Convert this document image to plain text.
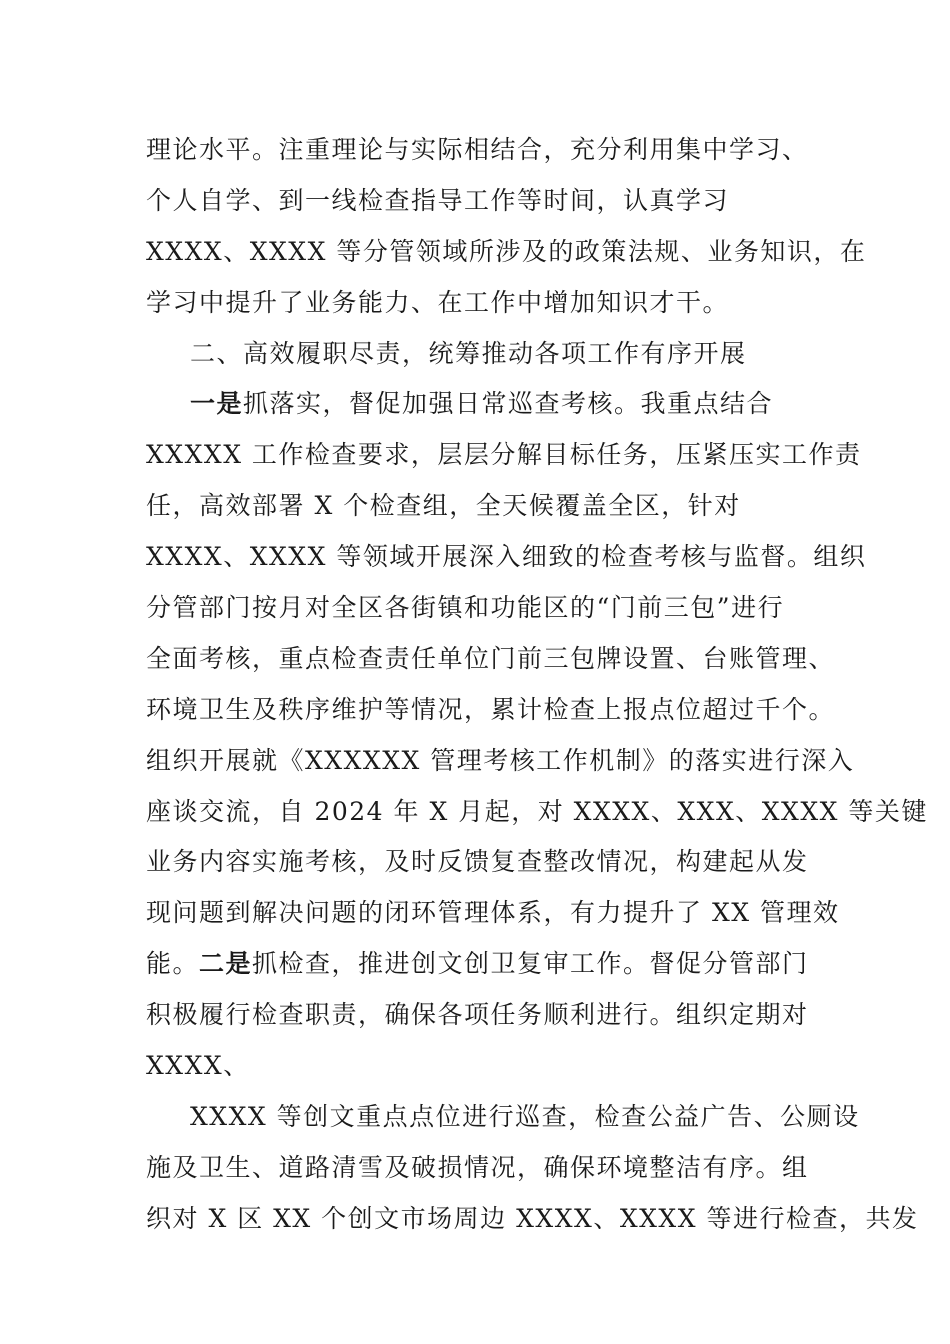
理论水平。注重理论与实际相结合，充分利用集中学习、
个人自学、到一线检查指导工作等时间，认真学习
XXXX、XXXX 等分管领域所涉及的政策法规、业务知识，在
学习中提升了业务能力、在工作中增加知识才干。
二、高效履职尽责，统筹推动各项工作有序开展
一是抓落实，督促加强日常巡查考核。我重点结合
XXXXX 工作检查要求，层层分解目标任务，压紧压实工作责
任，高效部署 X 个检查组，全天候覆盖全区，针对
XXXX、XXXX 等领域开展深入细致的检查考核与监督。组织
分管部门按月对全区各街镇和功能区的“门前三包”进行
全面考核，重点检查责任单位门前三包牌设置、台账管理、
环境卫生及秩序维护等情况，累计检查上报点位超过千个。
组织开展就《XXXXXX 管理考核工作机制》的落实进行深入
座谈交流，自 2024 年 X 月起，对 XXXX、XXX、XXXX 等关键
业务内容实施考核，及时反馈复查整改情况，构建起从发
现问题到解决问题的闭环管理体系，有力提升了 XX 管理效
能。二是抓检查，推进创文创卫复审工作。督促分管部门
积极履行检查职责，确保各项任务顺利进行。组织定期对
XXXX、
XXXX 等创文重点点位进行巡查，检查公益广告、公厕设
施及卫生、道路清雪及破损情况，确保环境整洁有序。组
织对 X 区 XX 个创文市场周边 XXXX、XXXX 等进行检查，共发
